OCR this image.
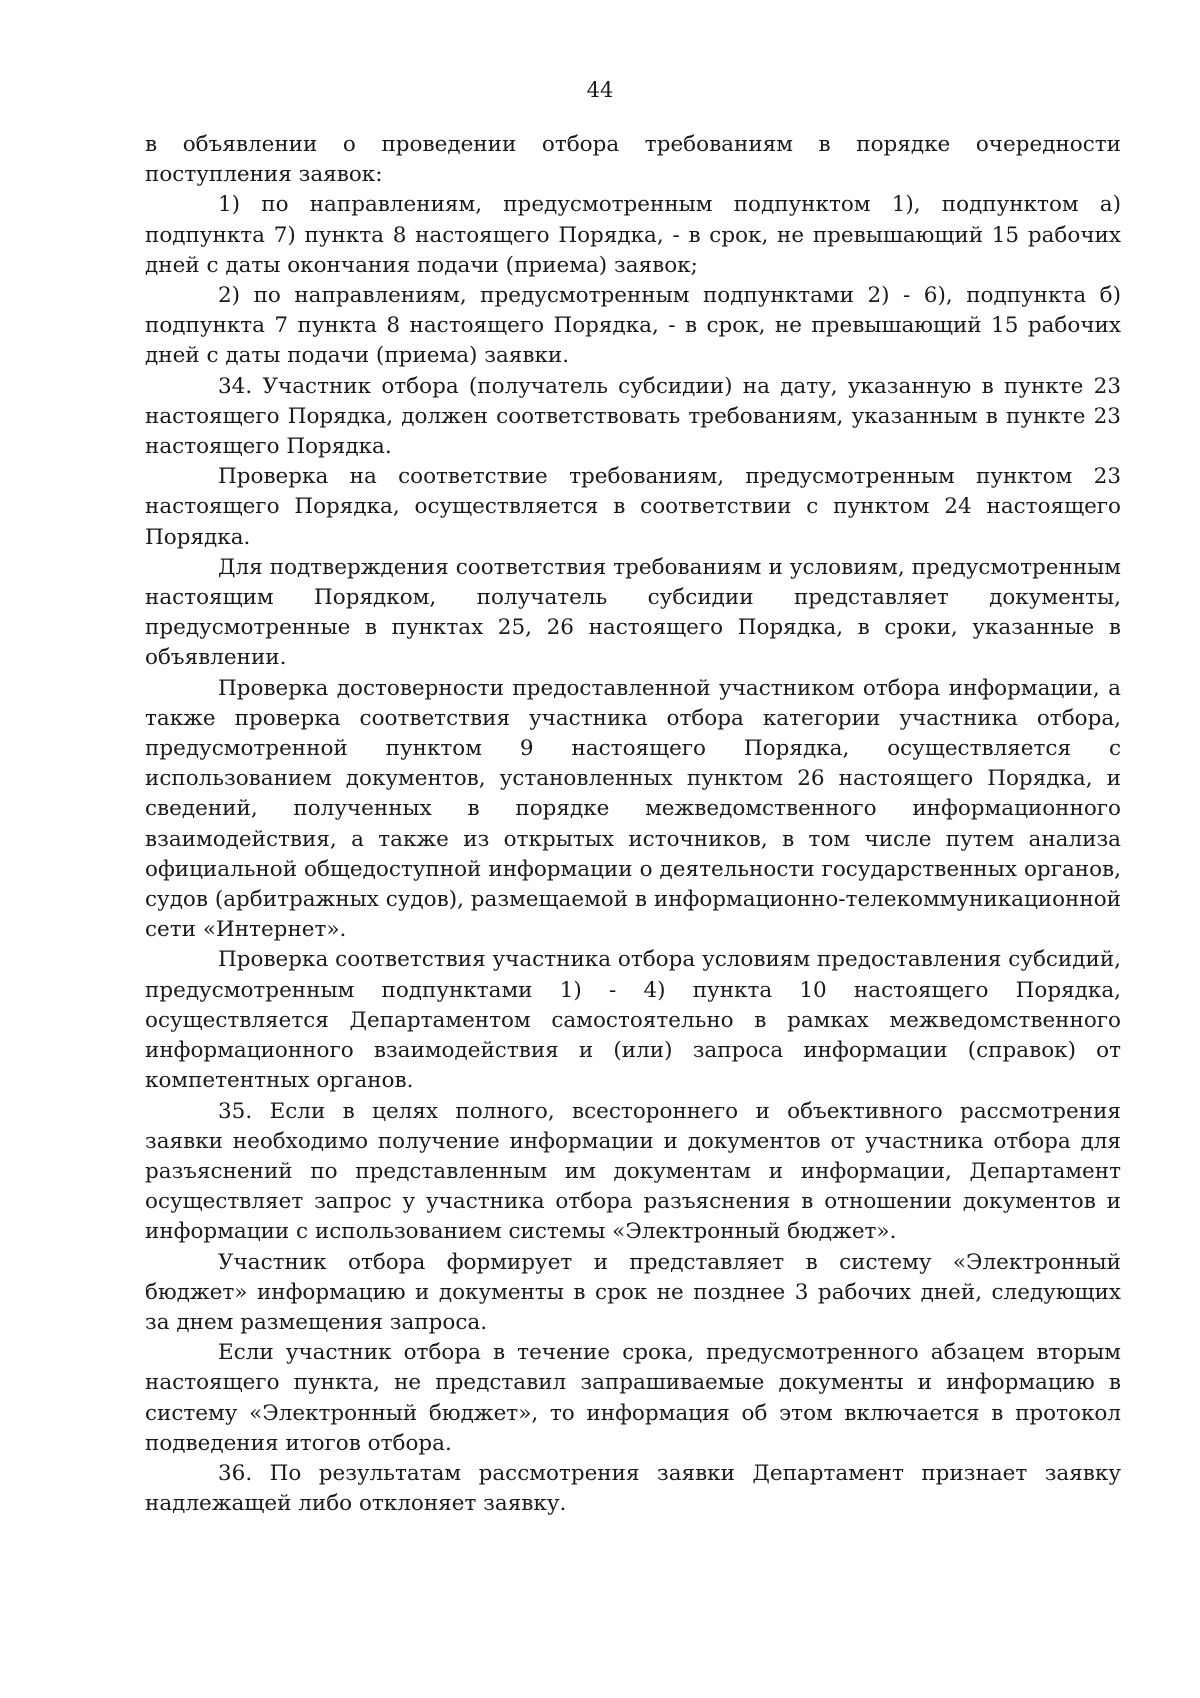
44

в объявлении о проведении отбора требованиям в порядке очередности поступления заявок:

1) по направлениям, предусмотренным подпунктом 1), подпунктом а) подпункта 7) пункта 8 настоящего Порядка, - в срок, не превышающий 15 рабочих дней с даты окончания подачи (приема) заявок;

2) по направлениям, предусмотренным подпунктами 2) - 6), подпункта б) подпункта 7 пункта 8 настоящего Порядка, - в срок, не превышающий 15 рабочих дней с даты подачи (приема) заявки.

34. Участник отбора (получатель субсидии) на дату, указанную в пункте 23 настоящего Порядка, должен соответствовать требованиям, указанным в пункте 23 настоящего Порядка.

Проверка на соответствие требованиям, предусмотренным пунктом 23 настоящего Порядка, осуществляется в соответствии с пунктом 24 настоящего Порядка.

Для подтверждения соответствия требованиям и условиям, предусмотренным настоящим Порядком, получатель субсидии представляет документы, предусмотренные в пунктах 25, 26 настоящего Порядка, в сроки, указанные в объявлении.

Проверка достоверности предоставленной участником отбора информации, а также проверка соответствия участника отбора категории участника отбора, предусмотренной пунктом 9 настоящего Порядка, осуществляется с использованием документов, установленных пунктом 26 настоящего Порядка, и сведений, полученных в порядке межведомственного информационного взаимодействия, а также из открытых источников, в том числе путем анализа официальной общедоступной информации о деятельности государственных органов, судов (арбитражных судов), размещаемой в информационно-телекоммуникационной сети «Интернет».

Проверка соответствия участника отбора условиям предоставления субсидий, предусмотренным подпунктами 1) - 4) пункта 10 настоящего Порядка, осуществляется Департаментом самостоятельно в рамках межведомственного информационного взаимодействия и (или) запроса информации (справок) от компетентных органов.

35. Если в целях полного, всестороннего и объективного рассмотрения заявки необходимо получение информации и документов от участника отбора для разъяснений по представленным им документам и информации, Департамент осуществляет запрос у участника отбора разъяснения в отношении документов и информации с использованием системы «Электронный бюджет».

Участник отбора формирует и представляет в систему «Электронный бюджет» информацию и документы в срок не позднее 3 рабочих дней, следующих за днем размещения запроса.

Если участник отбора в течение срока, предусмотренного абзацем вторым настоящего пункта, не представил запрашиваемые документы и информацию в систему «Электронный бюджет», то информация об этом включается в протокол подведения итогов отбора.

36. По результатам рассмотрения заявки Департамент признает заявку надлежащей либо отклоняет заявку.
